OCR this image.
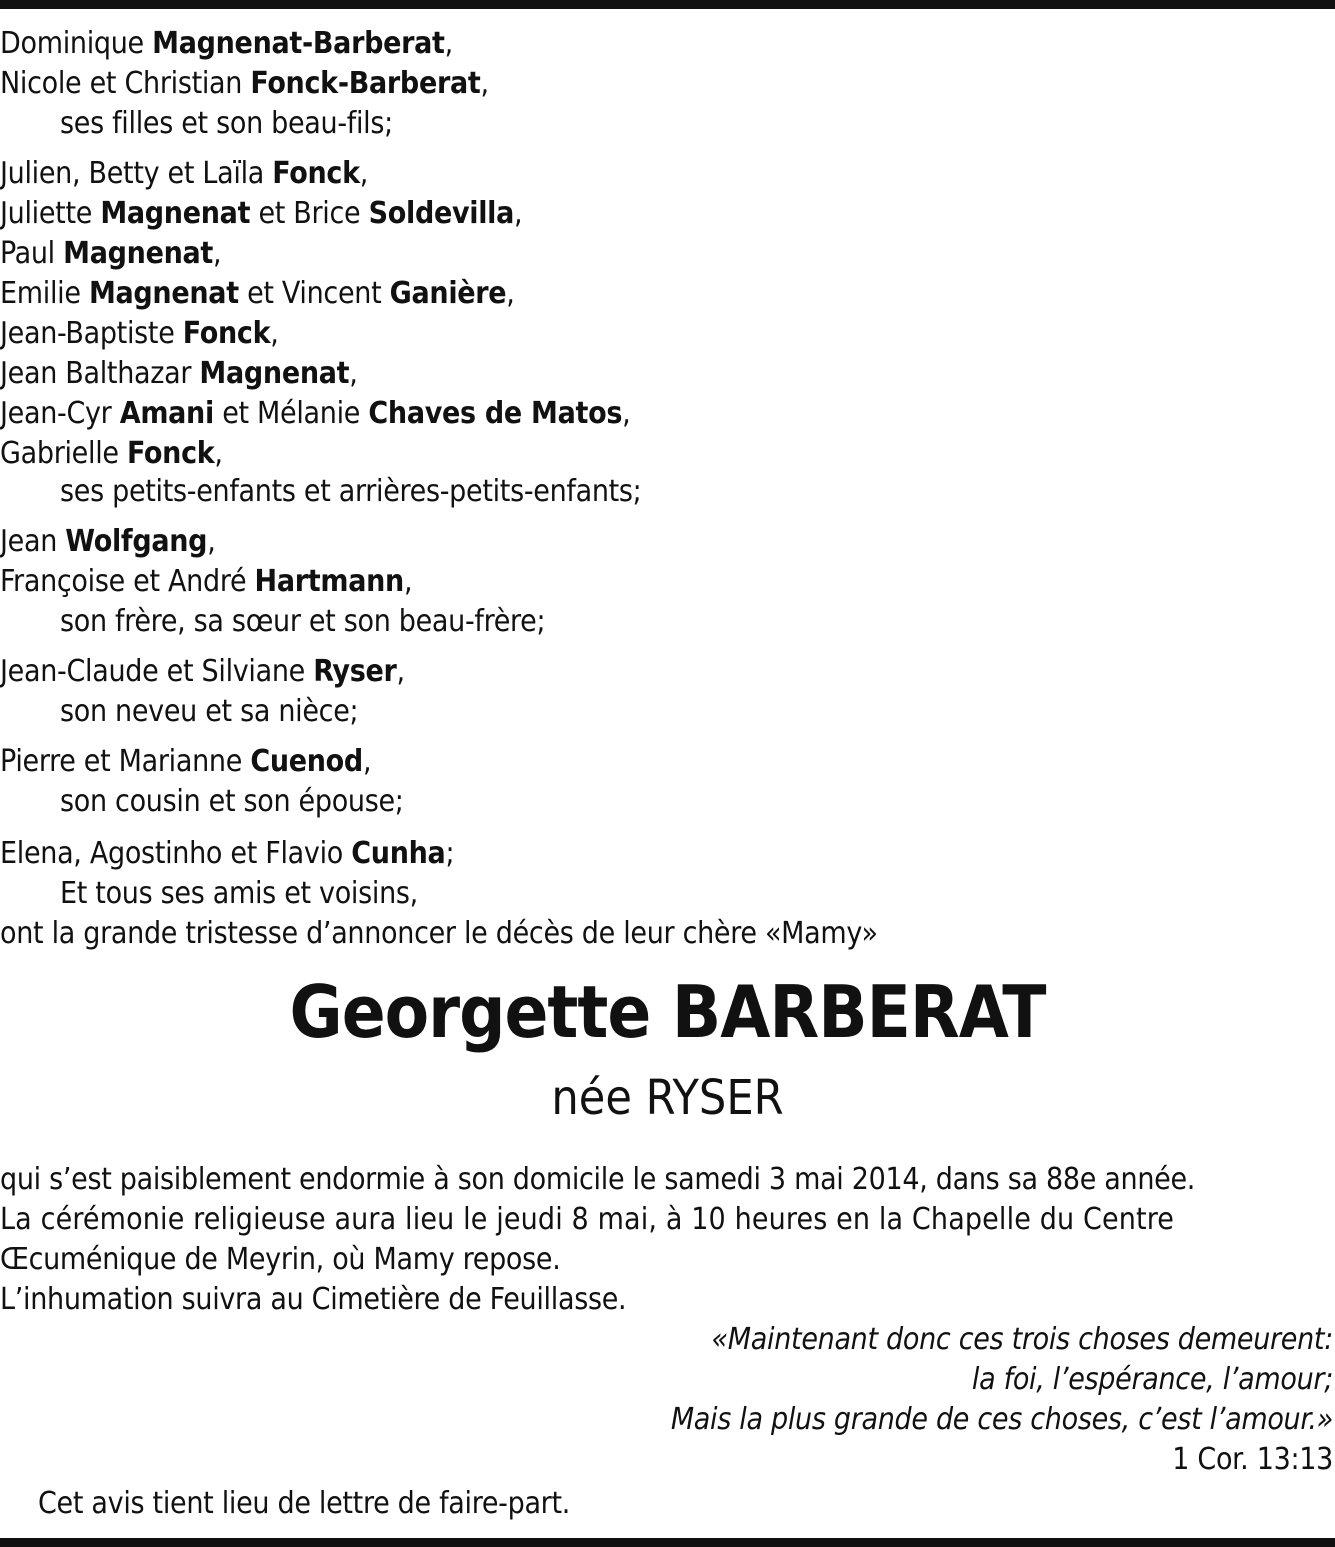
Dominique Magnenat-Barberat,
Nicole et Christian Fonck-Barberat,
ses filles et son beau-fils;
Julien, Betty et Laïla Fonck,
Juliette Magnenat et Brice Soldevilla,
Paul Magnenat,
Emilie Magnenat et Vincent Ganière,
Jean-Baptiste Fonck,
Jean Balthazar Magnenat,
Jean-Cyr Amani et Mélanie Chaves de Matos,
Gabrielle Fonck,
ses petits-enfants et arrières-petits-enfants;
Jean Wolfgang,
Françoise et André Hartmann,
son frère, sa sœur et son beau-frère;
Jean-Claude et Silviane Ryser,
son neveu et sa nièce;
Pierre et Marianne Cuenod,
son cousin et son épouse;
Elena, Agostinho et Flavio Cunha;
Et tous ses amis et voisins,
ont la grande tristesse d’annoncer le décès de leur chère «Mamy»
Georgette BARBERAT
née RYSER
qui s’est paisiblement endormie à son domicile le samedi 3 mai 2014, dans sa 88e année.
La cérémonie religieuse aura lieu le jeudi 8 mai, à 10 heures en la Chapelle du Centre
Œcuménique de Meyrin, où Mamy repose.
L’inhumation suivra au Cimetière de Feuillasse.
«Maintenant donc ces trois choses demeurent:
la foi, l’espérance, l’amour;
Mais la plus grande de ces choses, c’est l’amour.»
1 Cor. 13:13
Cet avis tient lieu de lettre de faire-part.
